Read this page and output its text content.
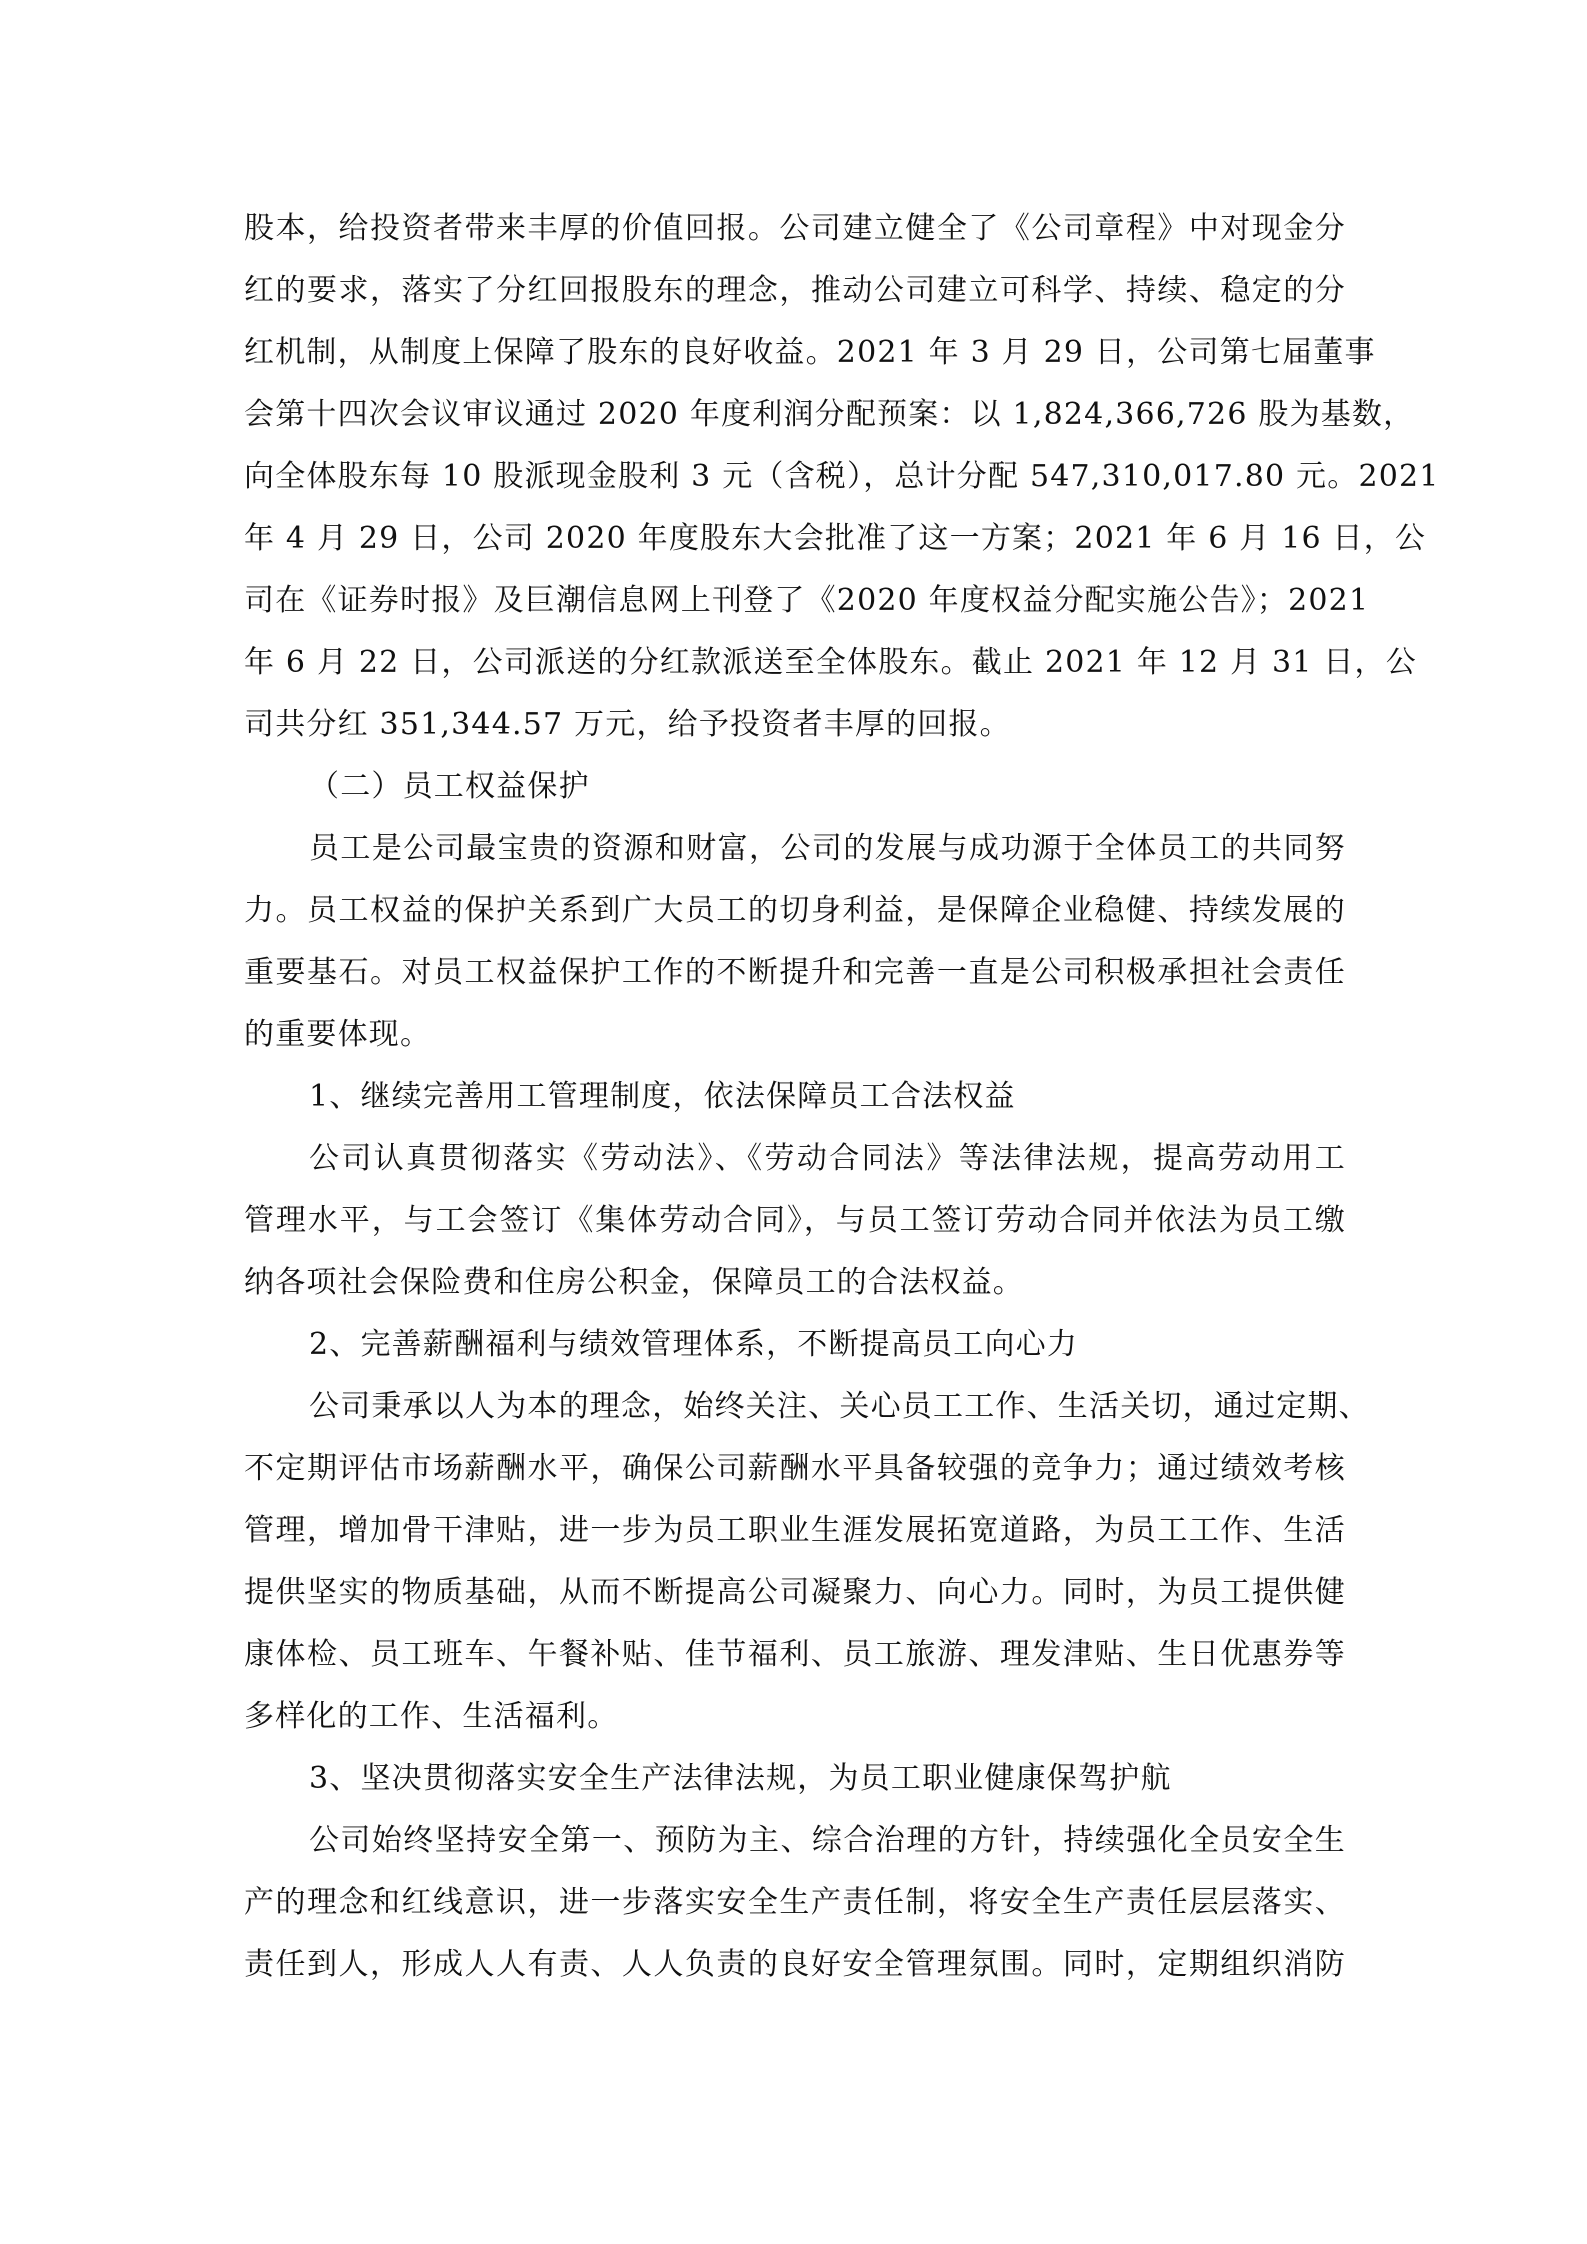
股本，给投资者带来丰厚的价值回报。公司建立健全了《公司章程》中对现金分
红的要求，落实了分红回报股东的理念，推动公司建立可科学、持续、稳定的分
红机制，从制度上保障了股东的良好收益。2021 年 3 月 29 日，公司第七届董事
会第十四次会议审议通过 2020 年度利润分配预案：以 1,824,366,726 股为基数，
向全体股东每 10 股派现金股利 3 元（含税），总计分配 547,310,017.80 元。2021
年 4 月 29 日，公司 2020 年度股东大会批准了这一方案；2021 年 6 月 16 日，公
司在《证券时报》及巨潮信息网上刊登了《2020 年度权益分配实施公告》；2021
年 6 月 22 日，公司派送的分红款派送至全体股东。截止 2021 年 12 月 31 日，公
司共分红 351,344.57 万元，给予投资者丰厚的回报。
（二）员工权益保护
员工是公司最宝贵的资源和财富，公司的发展与成功源于全体员工的共同努
力。员工权益的保护关系到广大员工的切身利益，是保障企业稳健、持续发展的
重要基石。对员工权益保护工作的不断提升和完善一直是公司积极承担社会责任
的重要体现。
1、继续完善用工管理制度，依法保障员工合法权益
公司认真贯彻落实《劳动法》、《劳动合同法》等法律法规，提高劳动用工
管理水平，与工会签订《集体劳动合同》，与员工签订劳动合同并依法为员工缴
纳各项社会保险费和住房公积金，保障员工的合法权益。
2、完善薪酬福利与绩效管理体系，不断提高员工向心力
公司秉承以人为本的理念，始终关注、关心员工工作、生活关切，通过定期、
不定期评估市场薪酬水平，确保公司薪酬水平具备较强的竞争力；通过绩效考核
管理，增加骨干津贴，进一步为员工职业生涯发展拓宽道路，为员工工作、生活
提供坚实的物质基础，从而不断提高公司凝聚力、向心力。同时，为员工提供健
康体检、员工班车、午餐补贴、佳节福利、员工旅游、理发津贴、生日优惠券等
多样化的工作、生活福利。
3、坚决贯彻落实安全生产法律法规，为员工职业健康保驾护航
公司始终坚持安全第一、预防为主、综合治理的方针，持续强化全员安全生
产的理念和红线意识，进一步落实安全生产责任制，将安全生产责任层层落实、
责任到人，形成人人有责、人人负责的良好安全管理氛围。同时，定期组织消防
